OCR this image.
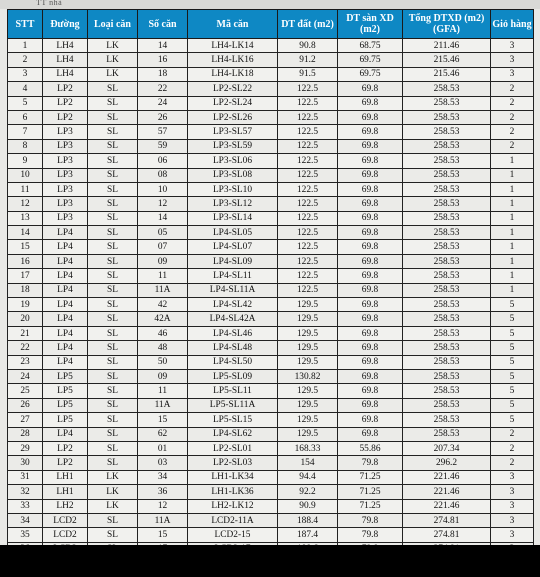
TT nhà
STT	Đường	Loại căn	Số căn	Mã căn	DT đất (m2)	DT sàn XD (m2)	Tổng DTXD (m2) (GFA)	Giỏ hàng
1	LH4	LK	14	LH4-LK14	90.8	68.75	211.46	3
2	LH4	LK	16	LH4-LK16	91.2	69.75	215.46	3
3	LH4	LK	18	LH4-LK18	91.5	69.75	215.46	3
4	LP2	SL	22	LP2-SL22	122.5	69.8	258.53	2
5	LP2	SL	24	LP2-SL24	122.5	69.8	258.53	2
6	LP2	SL	26	LP2-SL26	122.5	69.8	258.53	2
7	LP3	SL	57	LP3-SL57	122.5	69.8	258.53	2
8	LP3	SL	59	LP3-SL59	122.5	69.8	258.53	2
9	LP3	SL	06	LP3-SL06	122.5	69.8	258.53	1
10	LP3	SL	08	LP3-SL08	122.5	69.8	258.53	1
11	LP3	SL	10	LP3-SL10	122.5	69.8	258.53	1
12	LP3	SL	12	LP3-SL12	122.5	69.8	258.53	1
13	LP3	SL	14	LP3-SL14	122.5	69.8	258.53	1
14	LP4	SL	05	LP4-SL05	122.5	69.8	258.53	1
15	LP4	SL	07	LP4-SL07	122.5	69.8	258.53	1
16	LP4	SL	09	LP4-SL09	122.5	69.8	258.53	1
17	LP4	SL	11	LP4-SL11	122.5	69.8	258.53	1
18	LP4	SL	11A	LP4-SL11A	122.5	69.8	258.53	1
19	LP4	SL	42	LP4-SL42	129.5	69.8	258.53	5
20	LP4	SL	42A	LP4-SL42A	129.5	69.8	258.53	5
21	LP4	SL	46	LP4-SL46	129.5	69.8	258.53	5
22	LP4	SL	48	LP4-SL48	129.5	69.8	258.53	5
23	LP4	SL	50	LP4-SL50	129.5	69.8	258.53	5
24	LP5	SL	09	LP5-SL09	130.82	69.8	258.53	5
25	LP5	SL	11	LP5-SL11	129.5	69.8	258.53	5
26	LP5	SL	11A	LP5-SL11A	129.5	69.8	258.53	5
27	LP5	SL	15	LP5-SL15	129.5	69.8	258.53	5
28	LP4	SL	62	LP4-SL62	129.5	69.8	258.53	2
29	LP2	SL	01	LP2-SL01	168.33	55.86	207.34	2
30	LP2	SL	03	LP2-SL03	154	79.8	296.2	2
31	LH1	LK	34	LH1-LK34	94.4	71.25	221.46	3
32	LH1	LK	36	LH1-LK36	92.2	71.25	221.46	3
33	LH2	LK	12	LH2-LK12	90.9	71.25	221.46	3
34	LCD2	SL	11A	LCD2-11A	188.4	79.8	274.81	3
35	LCD2	SL	15	LCD2-15	187.4	79.8	274.81	3
